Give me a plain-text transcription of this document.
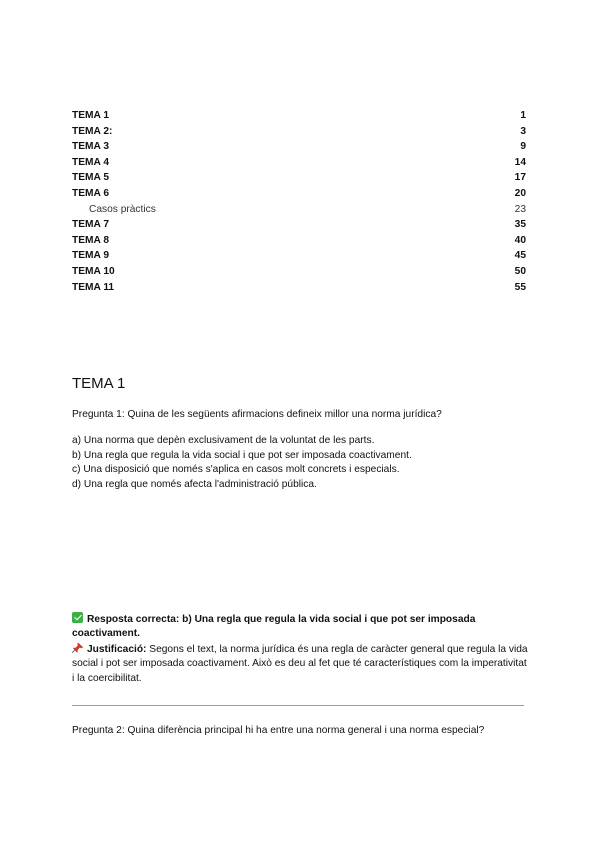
TEMA 1	1
TEMA 2:	3
TEMA 3	9
TEMA 4	14
TEMA 5	17
TEMA 6	20
Casos pràctics	23
TEMA 7	35
TEMA 8	40
TEMA 9	45
TEMA 10	50
TEMA 11	55
TEMA 1

Pregunta 1: Quina de les següents afirmacions defineix millor una norma jurídica?

a) Una norma que depèn exclusivament de la voluntat de les parts.
b) Una regla que regula la vida social i que pot ser imposada coactivament.
c) Una disposició que només s'aplica en casos molt concrets i especials.
d) Una regla que només afecta l'administració pública.
Resposta correcta: b) Una regla que regula la vida social i que pot ser imposada coactivament.
Justificació: Segons el text, la norma jurídica és una regla de caràcter general que regula la vida social i pot ser imposada coactivament. Això es deu al fet que té característiques com la imperativitat i la coercibilitat.

Pregunta 2: Quina diferència principal hi ha entre una norma general i una norma especial?
